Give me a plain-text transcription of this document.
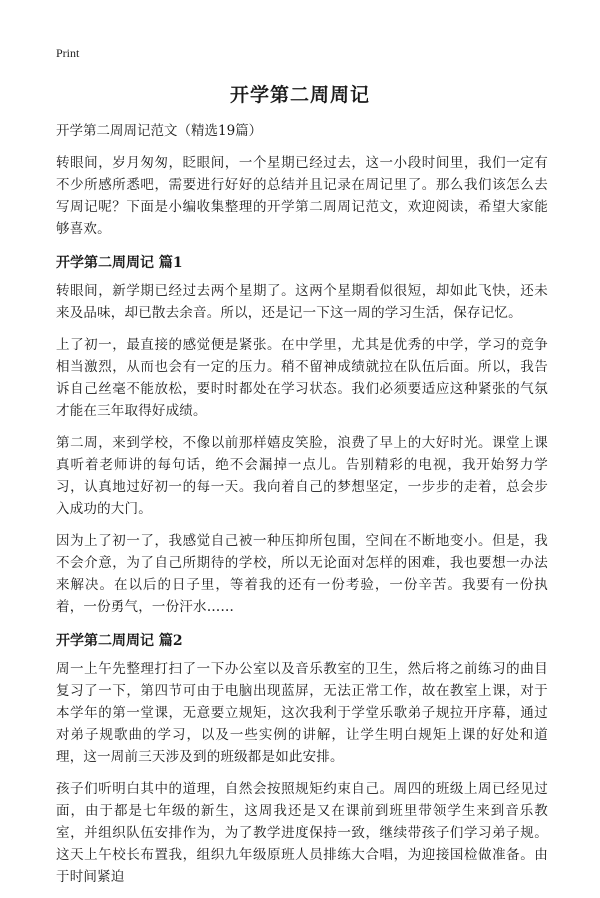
Print
开学第二周周记
开学第二周周记范文（精选19篇）

转眼间，岁月匆匆，眨眼间，一个星期已经过去，这一小段时间里，我们一定有不少所感所悉吧，需要进行好好的总结并且记录在周记里了。那么我们该怎么去写周记呢？下面是小编收集整理的开学第二周周记范文，欢迎阅读，希望大家能够喜欢。

开学第二周周记 篇1

转眼间，新学期已经过去两个星期了。这两个星期看似很短，却如此飞快，还未来及品味，却已散去余音。所以，还是记一下这一周的学习生活，保存记忆。

上了初一，最直接的感觉便是紧张。在中学里，尤其是优秀的中学，学习的竞争相当激烈，从而也会有一定的压力。稍不留神成绩就拉在队伍后面。所以，我告诉自己丝毫不能放松，要时时都处在学习状态。我们必须要适应这种紧张的气氛才能在三年取得好成绩。

第二周，来到学校，不像以前那样嬉皮笑脸，浪费了早上的大好时光。课堂上课真听着老师讲的每句话，绝不会漏掉一点儿。告别精彩的电视，我开始努力学习，认真地过好初一的每一天。我向着自己的梦想坚定，一步步的走着，总会步入成功的大门。

因为上了初一了，我感觉自己被一种压抑所包围，空间在不断地变小。但是，我不会介意，为了自己所期待的学校，所以无论面对怎样的困难，我也要想一办法来解决。在以后的日子里，等着我的还有一份考验，一份辛苦。我要有一份执着，一份勇气，一份汗水……

开学第二周周记 篇2

周一上午先整理打扫了一下办公室以及音乐教室的卫生，然后将之前练习的曲目复习了一下，第四节可由于电脑出现蓝屏，无法正常工作，故在教室上课，对于本学年的第一堂课，无意要立规矩，这次我利于学堂乐歌弟子规拉开序幕，通过对弟子规歌曲的学习，以及一些实例的讲解，让学生明白规矩上课的好处和道理，这一周前三天涉及到的班级都是如此安排。

孩子们听明白其中的道理，自然会按照规矩约束自己。周四的班级上周已经见过面，由于都是七年级的新生，这周我还是又在课前到班里带领学生来到音乐教室，并组织队伍安排作为，为了教学进度保持一致，继续带孩子们学习弟子规。这天上午校长布置我，组织九年级原班人员排练大合唱，为迎接国检做准备。由于时间紧迫
